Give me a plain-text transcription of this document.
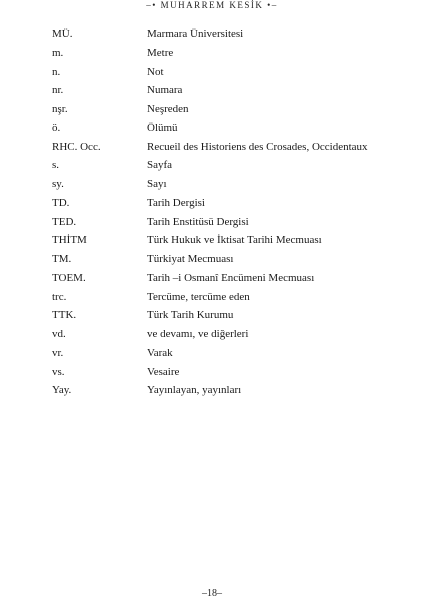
–• MUHARREM KESİK •–
MÜ.	Marmara Üniversitesi
m.	Metre
n.	Not
nr.	Numara
nşr.	Neşreden
ö.	Ölümü
RHC. Occ.	Recueil des Historiens des Crosades, Occidentaux
s.	Sayfa
sy.	Sayı
TD.	Tarih Dergisi
TED.	Tarih Enstitüsü Dergisi
THİTM	Türk Hukuk ve İktisat Tarihi Mecmuası
TM.	Türkiyat Mecmuası
TOEM.	Tarih –i Osmanî Encümeni Mecmuası
trc.	Tercüme, tercüme eden
TTK.	Türk Tarih Kurumu
vd.	ve devamı, ve diğerleri
vr.	Varak
vs.	Vesaire
Yay.	Yayınlayan, yayınları
–18–
